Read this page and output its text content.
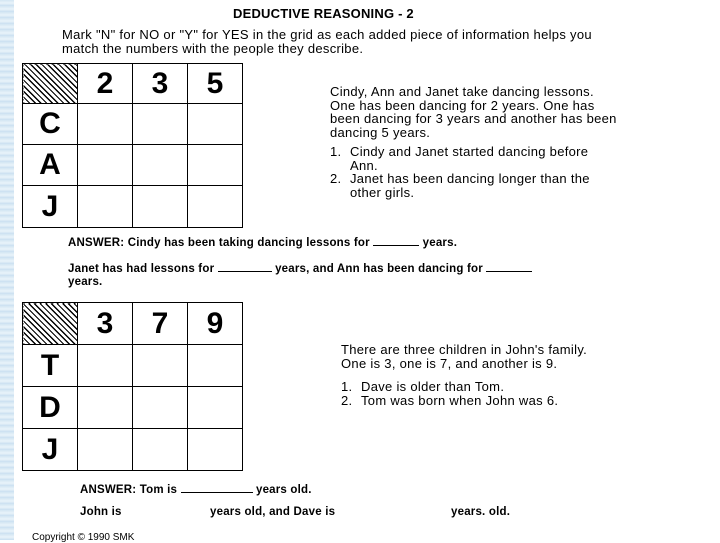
DEDUCTIVE REASONING - 2
Mark "N" for NO or "Y" for YES in the grid as each added piece of information helps you match the numbers with the people they describe.
	2	3	5
C			
A			
J			
Cindy, Ann and Janet take dancing lessons. One has been dancing for 2 years. One has been dancing for 3 years and another has been dancing 5 years.
1. Cindy and Janet started dancing before Ann.
2. Janet has been dancing longer than the other girls.
ANSWER: Cindy has been taking dancing lessons for	years.
Janet has had lessons for	years, and Ann has been dancing for
years.
	3	7	9
T			
D			
J			
There are three children in John's family. One is 3, one is 7, and another is 9.
1. Dave is older than Tom.
2. Tom was born when John was 6.
ANSWER: Tom is	years old.
John is	years old, and Dave is	years. old.
Copyright © 1990 SMK
